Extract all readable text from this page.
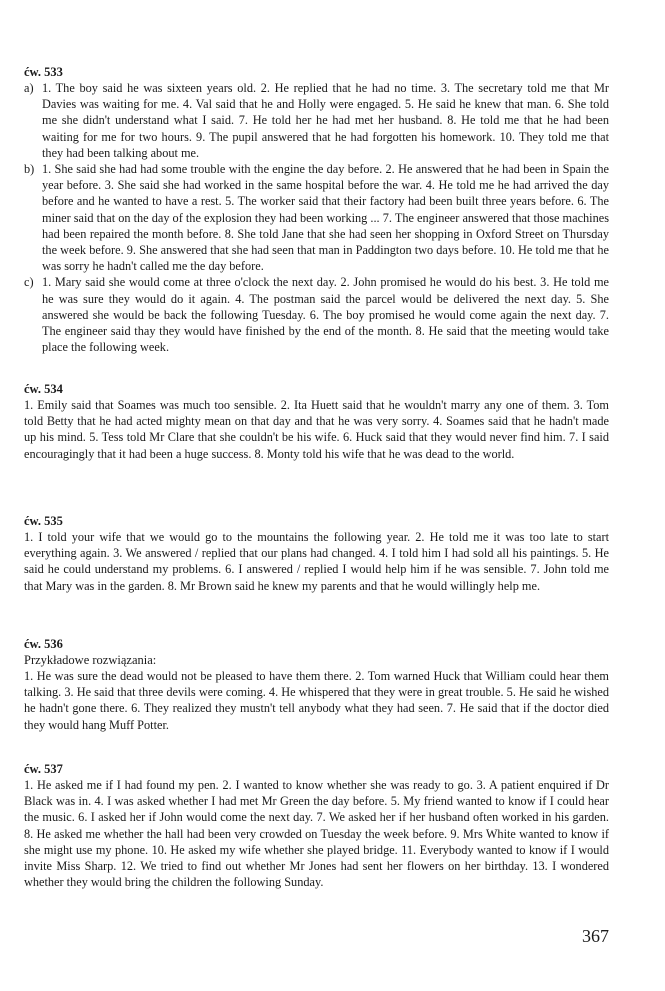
ćw. 533

a) 1. The boy said he was sixteen years old. 2. He replied that he had no time. 3. The secretary told me that Mr Davies was waiting for me. 4. Val said that he and Holly were engaged. 5. He said he knew that man. 6. She told me she didn't understand what I said. 7. He told her he had met her husband. 8. He told me that he had been waiting for me for two hours. 9. The pupil answered that he had forgotten his homework. 10. They told me that they had been talking about me.
b) 1. She said she had had some trouble with the engine the day before. 2. He answered that he had been in Spain the year before. 3. She said she had worked in the same hospital before the war. 4. He told me he had arrived the day before and he wanted to have a rest. 5. The worker said that their factory had been built three years before. 6. The miner said that on the day of the explosion they had been working ... 7. The engineer answered that those machines had been repaired the month before. 8. She told Jane that she had seen her shopping in Oxford Street on Thursday the week before. 9. She answered that she had seen that man in Paddington two days before. 10. He told me that he was sorry he hadn't called me the day before.
c) 1. Mary said she would come at three o'clock the next day. 2. John promised he would do his best. 3. He told me he was sure they would do it again. 4. The postman said the parcel would be delivered the next day. 5. She answered she would be back the following Tuesday. 6. The boy promised he would come again the next day. 7. The engineer said thay they would have finished by the end of the month. 8. He said that the meeting would take place the following week.

ćw. 534

1. Emily said that Soames was much too sensible. 2. Ita Huett said that he wouldn't marry any one of them. 3. Tom told Betty that he had acted mighty mean on that day and that he was very sorry. 4. Soames said that he hadn't made up his mind. 5. Tess told Mr Clare that she couldn't be his wife. 6. Huck said that they would never find him. 7. I said encouragingly that it had been a huge success. 8. Monty told his wife that he was dead to the world.

ćw. 535

1. I told your wife that we would go to the mountains the following year. 2. He told me it was too late to start everything again. 3. We answered / replied that our plans had changed. 4. I told him I had sold all his paintings. 5. He said he could understand my problems. 6. I answered / replied I would help him if he was sensible. 7. John told me that Mary was in the garden. 8. Mr Brown said he knew my parents and that he would willingly help me.

ćw. 536

Przykładowe rozwiązania:

1. He was sure the dead would not be pleased to have them there. 2. Tom warned Huck that William could hear them talking. 3. He said that three devils were coming. 4. He whispered that they were in great trouble. 5. He said he wished he hadn't gone there. 6. They realized they mustn't tell anybody what they had seen. 7. He said that if the doctor died they would hang Muff Potter.

ćw. 537

1. He asked me if I had found my pen. 2. I wanted to know whether she was ready to go. 3. A patient enquired if Dr Black was in. 4. I was asked whether I had met Mr Green the day before. 5. My friend wanted to know if I could hear the music. 6. I asked her if John would come the next day. 7. We asked her if her husband often worked in his garden. 8. He asked me whether the hall had been very crowded on Tuesday the week before. 9. Mrs White wanted to know if she might use my phone. 10. He asked my wife whether she played bridge. 11. Everybody wanted to know if I would invite Miss Sharp. 12. We tried to find out whether Mr Jones had sent her flowers on her birthday. 13. I wondered whether they would bring the children the following Sunday.

367
